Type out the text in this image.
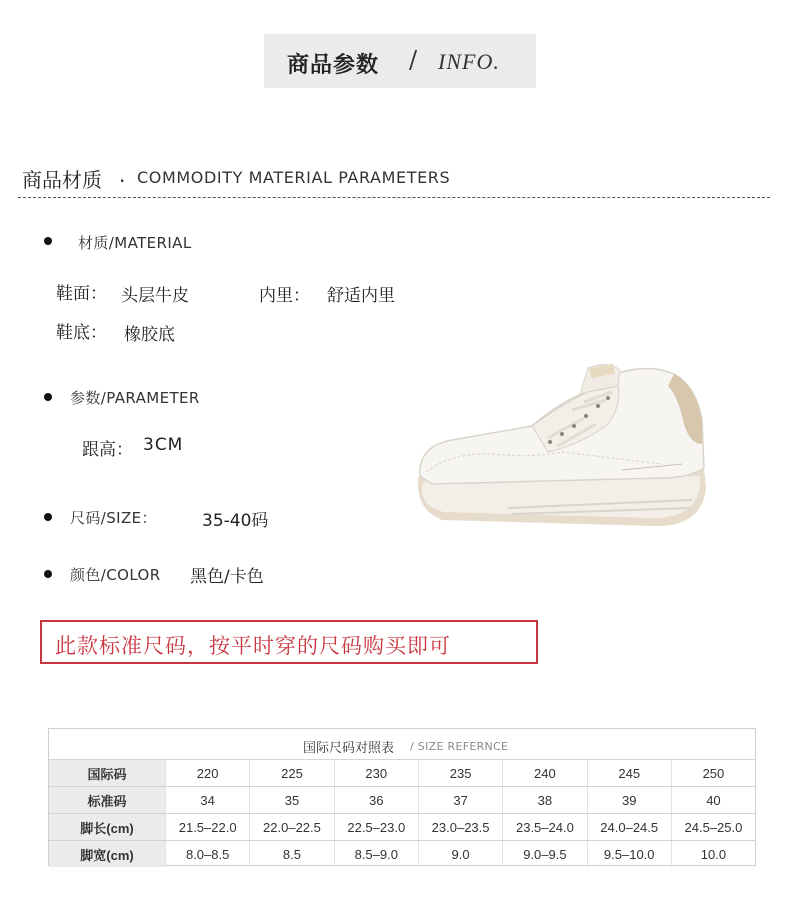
商品参数 / INFO.
商品材质 . COMMODITY MATERIAL PARAMETERS
材质/MATERIAL
鞋面： 头层牛皮	内里： 舒适内里
鞋底： 橡胶底
参数/PARAMETER
跟高： 3CM
尺码/SIZE：	35-40码
颜色/COLOR 黑色/卡色
此款标准尺码，按平时穿的尺码购买即可
国际尺码对照表 / SIZE REFERNCE
国际码	220	225	230	235	240	245	250
标准码	34	35	36	37	38	39	40
脚长(cm)	21.5–22.0	22.0–22.5	22.5–23.0	23.0–23.5	23.5–24.0	24.0–24.5	24.5–25.0
脚宽(cm)	8.0–8.5	8.5	8.5–9.0	9.0	9.0–9.5	9.5–10.0	10.0
